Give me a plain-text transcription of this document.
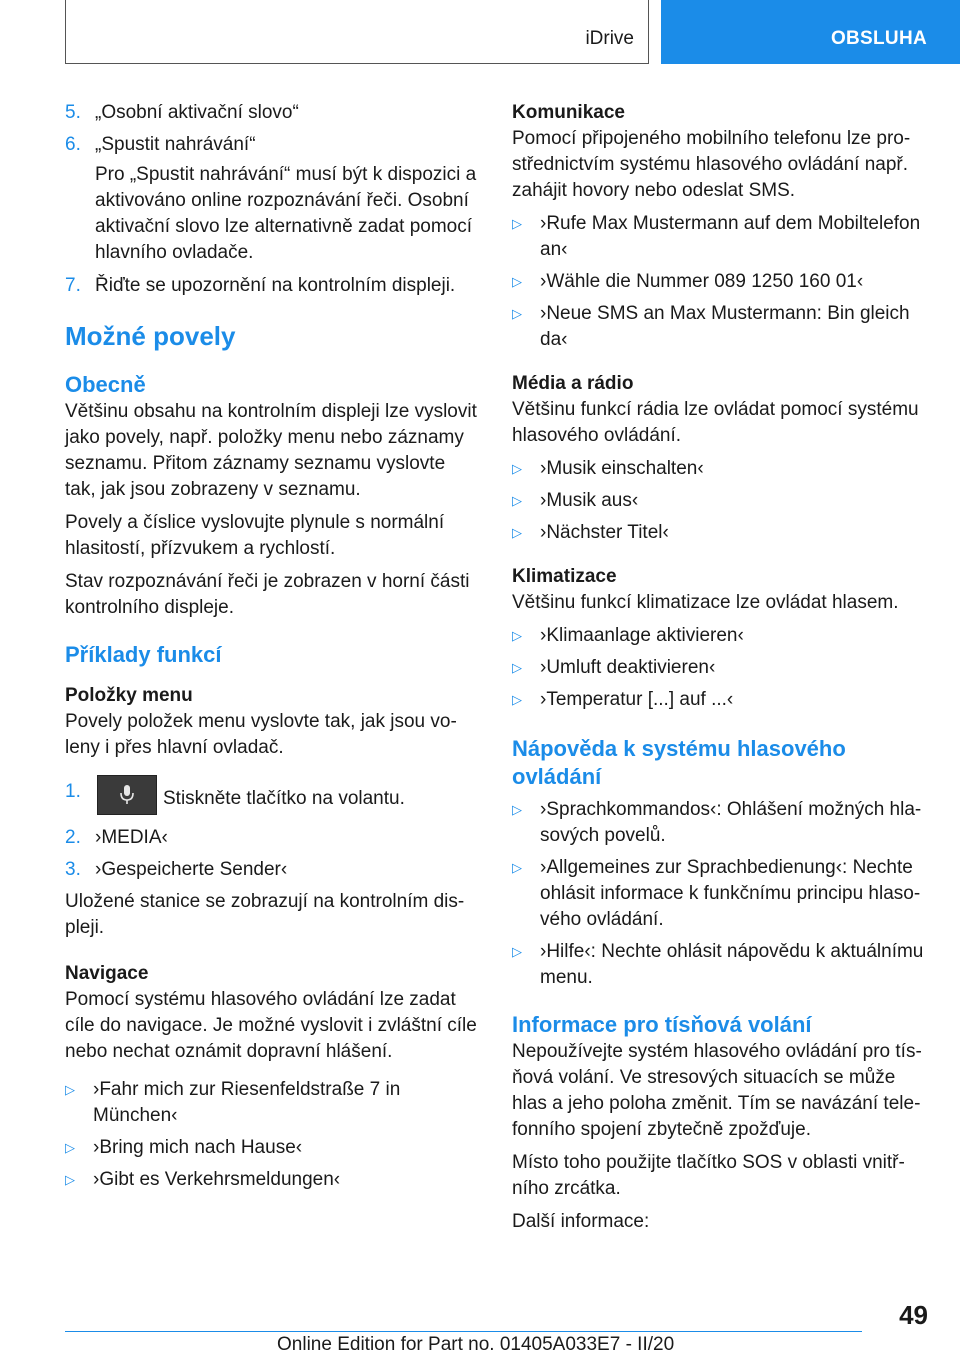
iDrive	OBSLUHA
5. „Osobní aktivační slovo“
6. „Spustit nahrávání“

Pro „Spustit nahrávání“ musí být k dispozici a aktivováno online rozpoznávání řeči. Osobní aktivační slovo lze alternativně zadat pomocí hlavního ovladače.

7. Řiďte se upozornění na kontrolním displeji.
Možné povely
Obecně

Většinu obsahu na kontrolním displeji lze vyslovit jako povely, např. položky menu nebo záznamy seznamu. Přitom záznamy seznamu vyslovte tak, jak jsou zobrazeny v seznamu.

Povely a číslice vyslovujte plynule s normální hlasitostí, přízvukem a rychlostí.

Stav rozpoznávání řeči je zobrazen v horní části kontrolního displeje.

Příklady funkcí
Položky menu

Povely položek menu vyslovte tak, jak jsou voleny i přes hlavní ovladač.

1.	Stiskněte tlačítko na volantu.
2. ›MEDIA‹
3. ›Gespeicherte Sender‹

Uložené stanice se zobrazují na kontrolním displeji.

Navigace

Pomocí systému hlasového ovládání lze zadat cíle do navigace. Je možné vyslovit i zvláštní cíle nebo nechat oznámit dopravní hlášení.

▷ ›Fahr mich zur Riesenfeldstraße 7 in München‹
▷ ›Bring mich nach Hause‹
▷ ›Gibt es Verkehrsmeldungen‹
Komunikace

Pomocí připojeného mobilního telefonu lze prostřednictvím systému hlasového ovládání např. zahájit hovory nebo odeslat SMS.

▷ ›Rufe Max Mustermann auf dem Mobiltelefon an‹
▷ ›Wähle die Nummer 089 1250 160 01‹
▷ ›Neue SMS an Max Mustermann: Bin gleich da‹
Média a rádio

Většinu funkcí rádia lze ovládat pomocí systému hlasového ovládání.

▷ ›Musik einschalten‹
▷ ›Musik aus‹
▷ ›Nächster Titel‹
Klimatizace

Většinu funkcí klimatizace lze ovládat hlasem.

▷ ›Klimaanlage aktivieren‹
▷ ›Umluft deaktivieren‹
▷ ›Temperatur [...] auf ...‹
Nápověda k systému hlasového ovládání
▷ ›Sprachkommandos‹: Ohlášení možných hlasových povelů.
▷ ›Allgemeines zur Sprachbedienung‹: Nechte ohlásit informace k funkčnímu principu hlasového ovládání.
▷ ›Hilfe‹: Nechte ohlásit nápovědu k aktuálnímu menu.
Informace pro tísňová volání

Nepoužívejte systém hlasového ovládání pro tísňová volání. Ve stresových situacích se může hlas a jeho poloha změnit. Tím se navázání telefonního spojení zbytečně zpožďuje.

Místo toho použijte tlačítko SOS v oblasti vnitřního zrcátka.

Další informace:

49
Online Edition for Part no. 01405A033E7 - II/20
